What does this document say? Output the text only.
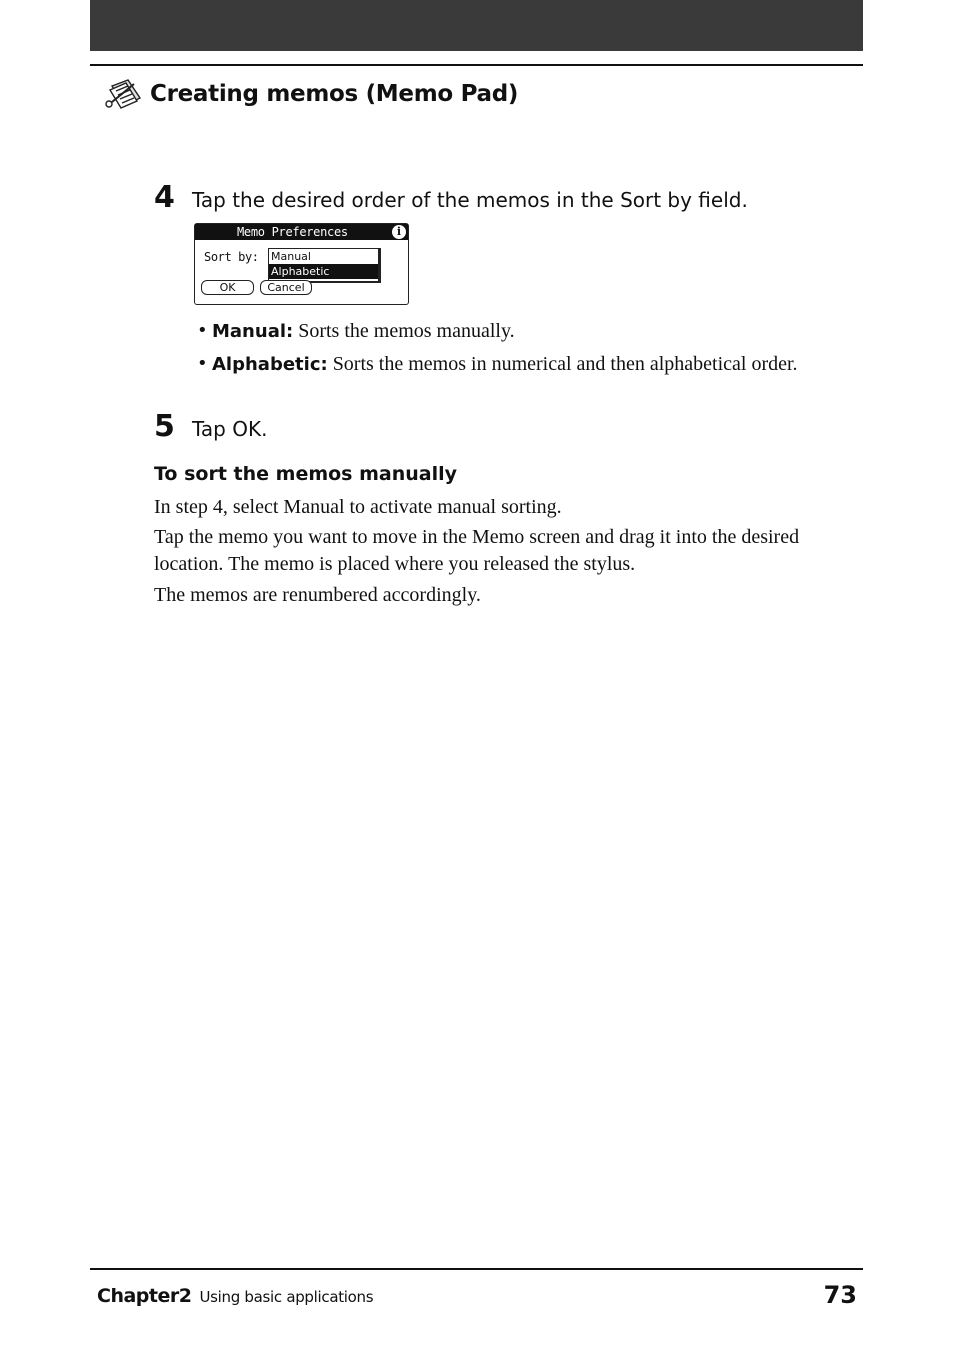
Creating memos (Memo Pad)
4 Tap the desired order of the memos in the Sort by field.
Memo Preferences	i
Sort by: Manual
Alphabetic
OK	Cancel
• Manual: Sorts the memos manually.
• Alphabetic: Sorts the memos in numerical and then alphabetical order.
5 Tap OK.
To sort the memos manually
In step 4, select Manual to activate manual sorting.
Tap the memo you want to move in the Memo screen and drag it into the desired location. The memo is placed where you released the stylus.
The memos are renumbered accordingly.
Chapter2 Using basic applications	73
